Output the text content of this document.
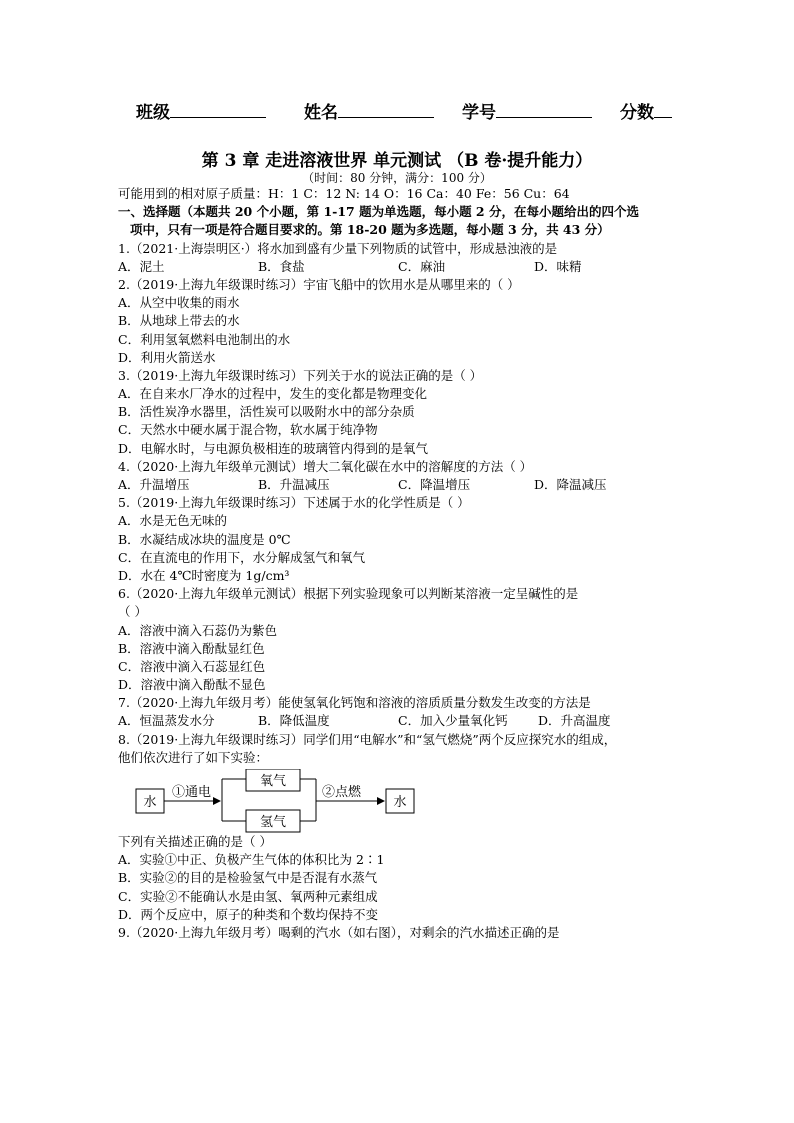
班级	姓名	学号	分数
第 3 章 走进溶液世界 单元测试 （B 卷·提升能力）
（时间：80 分钟，满分：100 分）
可能用到的相对原子质量：H：1 C：12 N: 14 O：16 Ca：40 Fe：56 Cu：64
一、选择题（本题共 20 个小题，第 1-17 题为单选题，每小题 2 分，在每小题给出的四个选
项中，只有一项是符合题目要求的。第 18-20 题为多选题，每小题 3 分，共 43 分）
1.（2021·上海崇明区·）将水加到盛有少量下列物质的试管中，形成悬浊液的是
A．泥土	B．食盐	C．麻油	D．味精
2.（2019·上海九年级课时练习）宇宙飞船中的饮用水是从哪里来的（ ）
A．从空中收集的雨水
B．从地球上带去的水
C．利用氢氧燃料电池制出的水
D．利用火箭送水
3.（2019·上海九年级课时练习）下列关于水的说法正确的是（ ）
A．在自来水厂净水的过程中，发生的变化都是物理变化
B．活性炭净水器里，活性炭可以吸附水中的部分杂质
C．天然水中硬水属于混合物，软水属于纯净物
D．电解水时，与电源负极相连的玻璃管内得到的是氧气
4.（2020·上海九年级单元测试）增大二氧化碳在水中的溶解度的方法（ ）
A．升温增压	B．升温减压	C．降温增压	D．降温减压
5.（2019·上海九年级课时练习）下述属于水的化学性质是（ ）
A．水是无色无味的
B．水凝结成冰块的温度是 0℃
C．在直流电的作用下，水分解成氢气和氧气
D．水在 4℃时密度为 1g/cm³
6.（2020·上海九年级单元测试）根据下列实验现象可以判断某溶液一定呈碱性的是
（ ）
A．溶液中滴入石蕊仍为紫色
B．溶液中滴入酚酞显红色
C．溶液中滴入石蕊显红色
D．溶液中滴入酚酞不显色
7.（2020·上海九年级月考）能使氢氧化钙饱和溶液的溶质质量分数发生改变的方法是
A．恒温蒸发水分	B．降低温度	C．加入少量氧化钙	D．升高温度
8.（2019·上海九年级课时练习）同学们用“电解水”和“氢气燃烧”两个反应探究水的组成，
他们依次进行了如下实验：
水
①通电
氧气
氢气
②点燃
水
下列有关描述正确的是（ ）
A．实验①中正、负极产生气体的体积比为 2∶1
B．实验②的目的是检验氢气中是否混有水蒸气
C．实验②不能确认水是由氢、氧两种元素组成
D．两个反应中，原子的种类和个数均保持不变
9.（2020·上海九年级月考）喝剩的汽水（如右图），对剩余的汽水描述正确的是
